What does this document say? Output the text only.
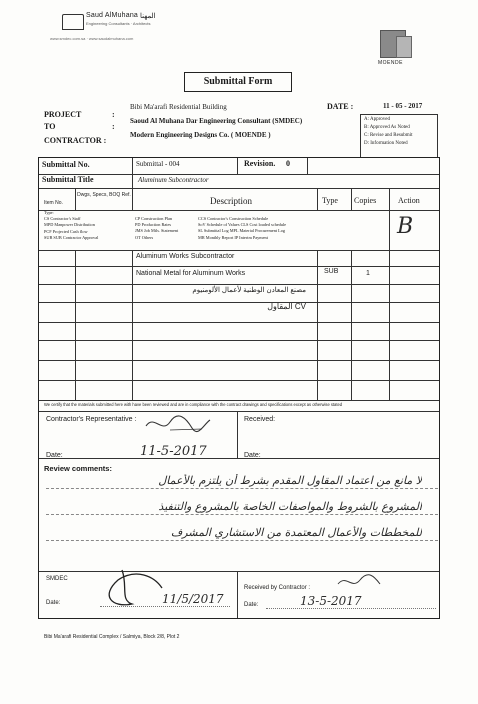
Saud AlMuhana المهنا
Engineering Consultants · Architects
www.smdec.com.sa · www.saudalmuhana.com
MOENDE
Submittal Form
PROJECT	:
Bibi Ma'arafi Residential Building	DATE :	11 - 05 - 2017
TO	:
Saoud Al Muhana Dar Engineering Consultant (SMDEC)
CONTRACTOR :
Modern Engineering Designs Co. ( MOENDE )
A: Approved
B: Approved As Noted
C: Revise and Resubmit
D: Information Noted
Submittal No.	Submittal - 004	Revision. 0
Submittal Title	Aluminum Subcontractor
Item No.
Dwgs, Specs, BOQ Ref.
Description	Type Copies	Action
Type:
CS Contractor's Staff
MPD Manpower Distribution
PCF Projected Cash flow
SUB SUB Contractor Approval
CP Construction Plan
PD Production Rates
JMS Job Mtls. Statement
OT Others
CCS Contractor's Construction Schedule
SoV Schedule of Values CLS Cost loaded schedule
SL Submittal Log MPL Material Procurement Log
MR Monthly Report IP Interim Payment	B
Aluminum Works Subcontractor
National Metal for Aluminum Works	SUB	1
مصنع المعادن الوطنية لأعمال الألومنيوم
CV المقاول
We certify that the materials submitted here with have been reviewed and are in compliance with the contract drawings and specifications except as otherwise stated
Contractor's Representative :	Received:
Date:	11-5-2017	Date:
Review comments:
لا مانع من اعتماد المقاول المقدم بشرط أن يلتزم بالأعمال
المشروع بالشروط والمواصفات الخاصة بالمشروع والتنفيذ
للمخططات والأعمال المعتمدة من الاستشاري المشرف
SMDEC
Date:	11/5/2017
Received by Contractor :
Date:	13-5-2017
Bibi Ma'arafi Residential Complex / Salmiya, Block 2/8, Plot 2
